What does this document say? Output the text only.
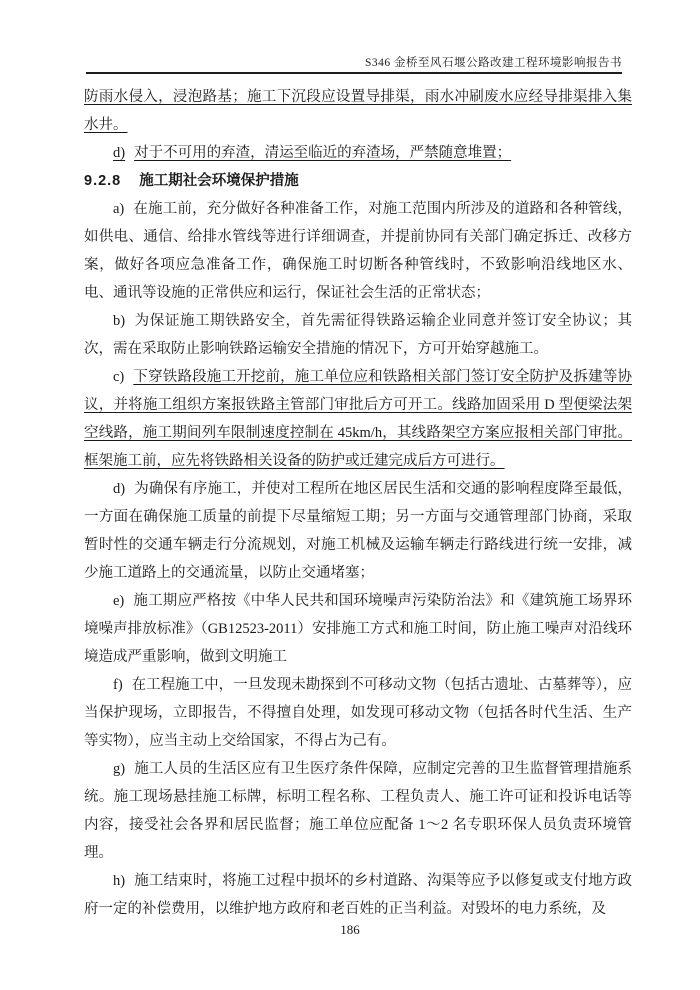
S346 金桥至风石堰公路改建工程环境影响报告书

防雨水侵入，浸泡路基；施工下沉段应设置导排渠，雨水冲刷废水应经导排渠排入集水井。

d) 对于不可用的弃渣，清运至临近的弃渣场，严禁随意堆置；

9.2.8 施工期社会环境保护措施

a) 在施工前，充分做好各种准备工作，对施工范围内所涉及的道路和各种管线，如供电、通信、给排水管线等进行详细调查，并提前协同有关部门确定拆迁、改移方案，做好各项应急准备工作，确保施工时切断各种管线时，不致影响沿线地区水、电、通讯等设施的正常供应和运行，保证社会生活的正常状态；

b) 为保证施工期铁路安全，首先需征得铁路运输企业同意并签订安全协议；其次，需在采取防止影响铁路运输安全措施的情况下，方可开始穿越施工。

c) 下穿铁路段施工开挖前，施工单位应和铁路相关部门签订安全防护及拆建等协议，并将施工组织方案报铁路主管部门审批后方可开工。线路加固采用 D 型便梁法架空线路，施工期间列车限制速度控制在 45km/h，其线路架空方案应报相关部门审批。框架施工前，应先将铁路相关设备的防护或迁建完成后方可进行。

d) 为确保有序施工，并使对工程所在地区居民生活和交通的影响程度降至最低，一方面在确保施工质量的前提下尽量缩短工期；另一方面与交通管理部门协商，采取暂时性的交通车辆走行分流规划，对施工机械及运输车辆走行路线进行统一安排，减少施工道路上的交通流量，以防止交通堵塞；

e) 施工期应严格按《中华人民共和国环境噪声污染防治法》和《建筑施工场界环境噪声排放标准》（GB12523-2011）安排施工方式和施工时间，防止施工噪声对沿线环境造成严重影响，做到文明施工

f) 在工程施工中，一旦发现未勘探到不可移动文物（包括古遗址、古墓葬等），应当保护现场，立即报告，不得擅自处理，如发现可移动文物（包括各时代生活、生产等实物），应当主动上交给国家，不得占为己有。

g) 施工人员的生活区应有卫生医疗条件保障，应制定完善的卫生监督管理措施系统。施工现场悬挂施工标牌，标明工程名称、工程负责人、施工许可证和投诉电话等内容，接受社会各界和居民监督；施工单位应配备 1～2 名专职环保人员负责环境管理。

h) 施工结束时，将施工过程中损坏的乡村道路、沟渠等应予以修复或支付地方政府一定的补偿费用，以维护地方政府和老百姓的正当利益。对毁坏的电力系统，及

186
